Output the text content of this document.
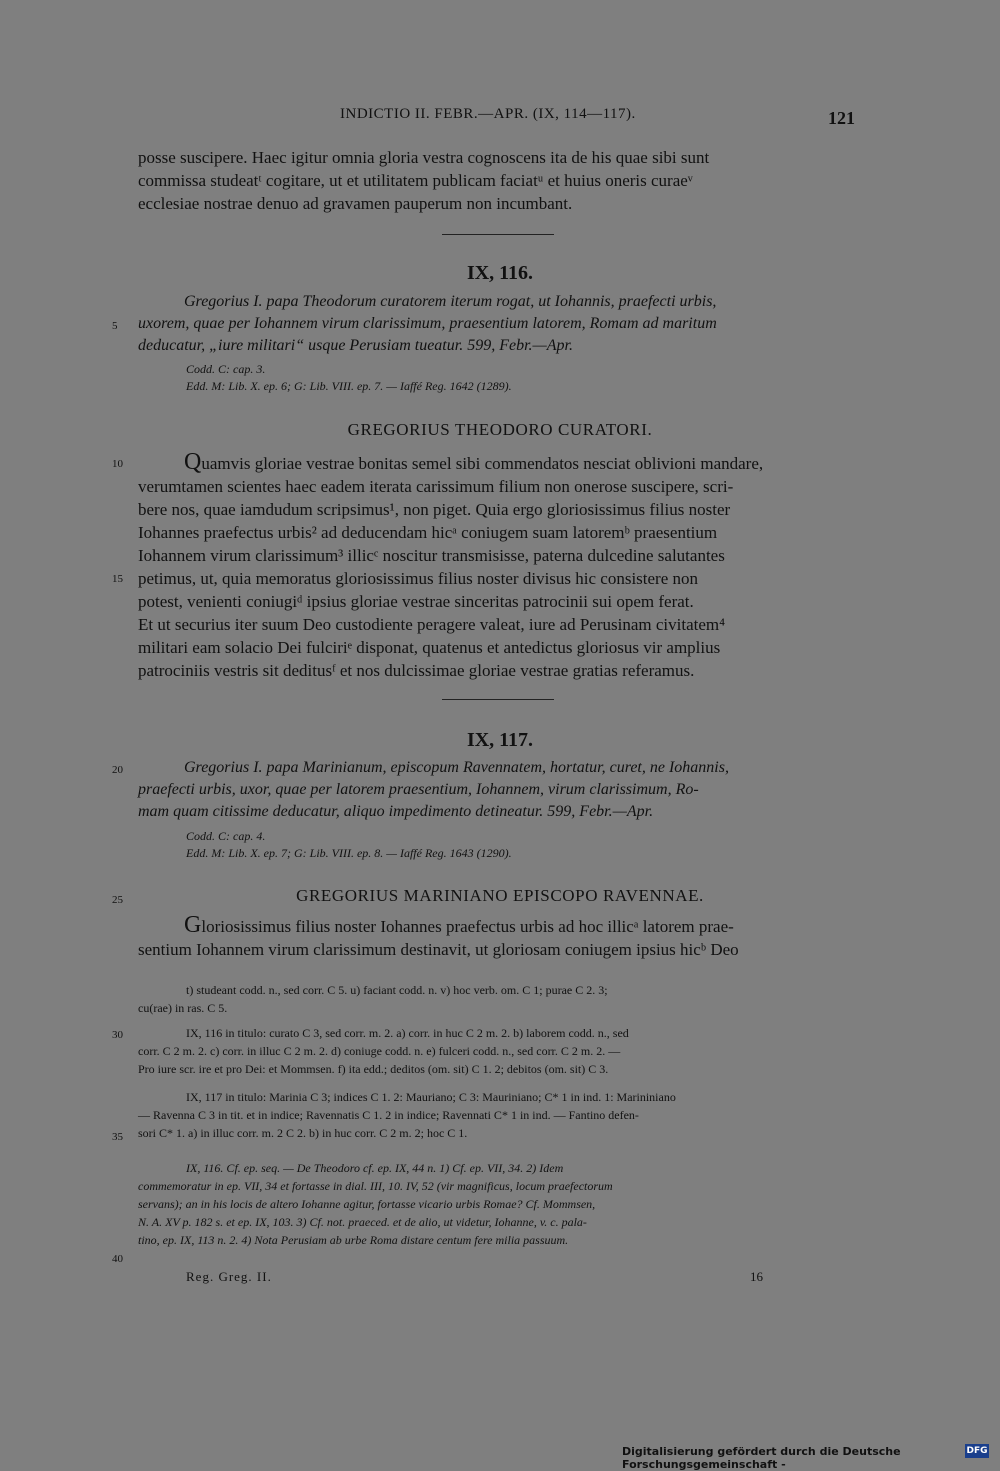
INDICTIO II. FEBR.—APR. (IX, 114—117).	121

posse suscipere. Haec igitur omnia gloria vestra cognoscens ita de his quae sibi sunt

commissa studeatᵗ cogitare, ut et utilitatem publicam faciatᵘ et huius oneris curaeᵛ

ecclesiae nostrae denuo ad gravamen pauperum non incumbant.

IX, 116.

Gregorius I. papa Theodorum curatorem iterum rogat, ut Iohannis, praefecti urbis,

uxorem, quae per Iohannem virum clarissimum, praesentium latorem, Romam ad maritum

deducatur, „iure militari“ usque Perusiam tueatur. 599, Febr.—Apr.

Codd. C: cap. 3.
Edd. M: Lib. X. ep. 6; G: Lib. VIII. ep. 7. — Iaffé Reg. 1642 (1289).
GREGORIUS THEODORO CURATORI.

Quamvis gloriae vestrae bonitas semel sibi commendatos nesciat oblivioni mandare,

verumtamen scientes haec eadem iterata carissimum filium non onerose suscipere, scri-

bere nos, quae iamdudum scripsimus¹, non piget. Quia ergo gloriosissimus filius noster

Iohannes praefectus urbis² ad deducendam hicᵃ coniugem suam latoremᵇ praesentium

Iohannem virum clarissimum³ illicᶜ noscitur transmisisse, paterna dulcedine salutantes

petimus, ut, quia memoratus gloriosissimus filius noster divisus hic consistere non

potest, venienti coniugiᵈ ipsius gloriae vestrae sinceritas patrocinii sui opem ferat.

Et ut securius iter suum Deo custodiente peragere valeat, iure ad Perusinam civitatem⁴

militari eam solacio Dei fulciriᵉ disponat, quatenus et antedictus gloriosus vir amplius

patrociniis vestris sit deditusᶠ et nos dulcissimae gloriae vestrae gratias referamus.

IX, 117.

Gregorius I. papa Marinianum, episcopum Ravennatem, hortatur, curet, ne Iohannis,

praefecti urbis, uxor, quae per latorem praesentium, Iohannem, virum clarissimum, Ro-

mam quam citissime deducatur, aliquo impedimento detineatur. 599, Febr.—Apr.

Codd. C: cap. 4.
Edd. M: Lib. X. ep. 7; G: Lib. VIII. ep. 8. — Iaffé Reg. 1643 (1290).
GREGORIUS MARINIANO EPISCOPO RAVENNAE.

Gloriosissimus filius noster Iohannes praefectus urbis ad hoc illicᵃ latorem prae-

sentium Iohannem virum clarissimum destinavit, ut gloriosam coniugem ipsius hicᵇ Deo

5
10
15
20
25
30
35
40

t) studeant codd. n., sed corr. C 5. u) faciant codd. n. v) hoc verb. om. C 1; purae C 2. 3;

cu(rae) in ras. C 5.

IX, 116 in titulo: curato C 3, sed corr. m. 2. a) corr. in huc C 2 m. 2. b) laborem codd. n., sed

corr. C 2 m. 2. c) corr. in illuc C 2 m. 2. d) coniuge codd. n. e) fulceri codd. n., sed corr. C 2 m. 2. —

Pro iure scr. ire et pro Dei: et Mommsen. f) ita edd.; deditos (om. sit) C 1. 2; debitos (om. sit) C 3.

IX, 117 in titulo: Marinia C 3; indices C 1. 2: Mauriano; C 3: Mauriniano; C* 1 in ind. 1: Marininiano

— Ravenna C 3 in tit. et in indice; Ravennatis C 1. 2 in indice; Ravennati C* 1 in ind. — Fantino defen-

sori C* 1. a) in illuc corr. m. 2 C 2. b) in huc corr. C 2 m. 2; hoc C 1.

IX, 116. Cf. ep. seq. — De Theodoro cf. ep. IX, 44 n. 1) Cf. ep. VII, 34. 2) Idem

commemoratur in ep. VII, 34 et fortasse in dial. III, 10. IV, 52 (vir magnificus, locum praefectorum

servans); an in his locis de altero Iohanne agitur, fortasse vicario urbis Romae? Cf. Mommsen,

N. A. XV p. 182 s. et ep. IX, 103. 3) Cf. not. praeced. et de alio, ut videtur, Iohanne, v. c. pala-

tino, ep. IX, 113 n. 2. 4) Nota Perusiam ab urbe Roma distare centum fere milia passuum.

Reg. Greg. II.	16
Digitalisierung gefördert durch die Deutsche Forschungsgemeinschaft -
DFG
